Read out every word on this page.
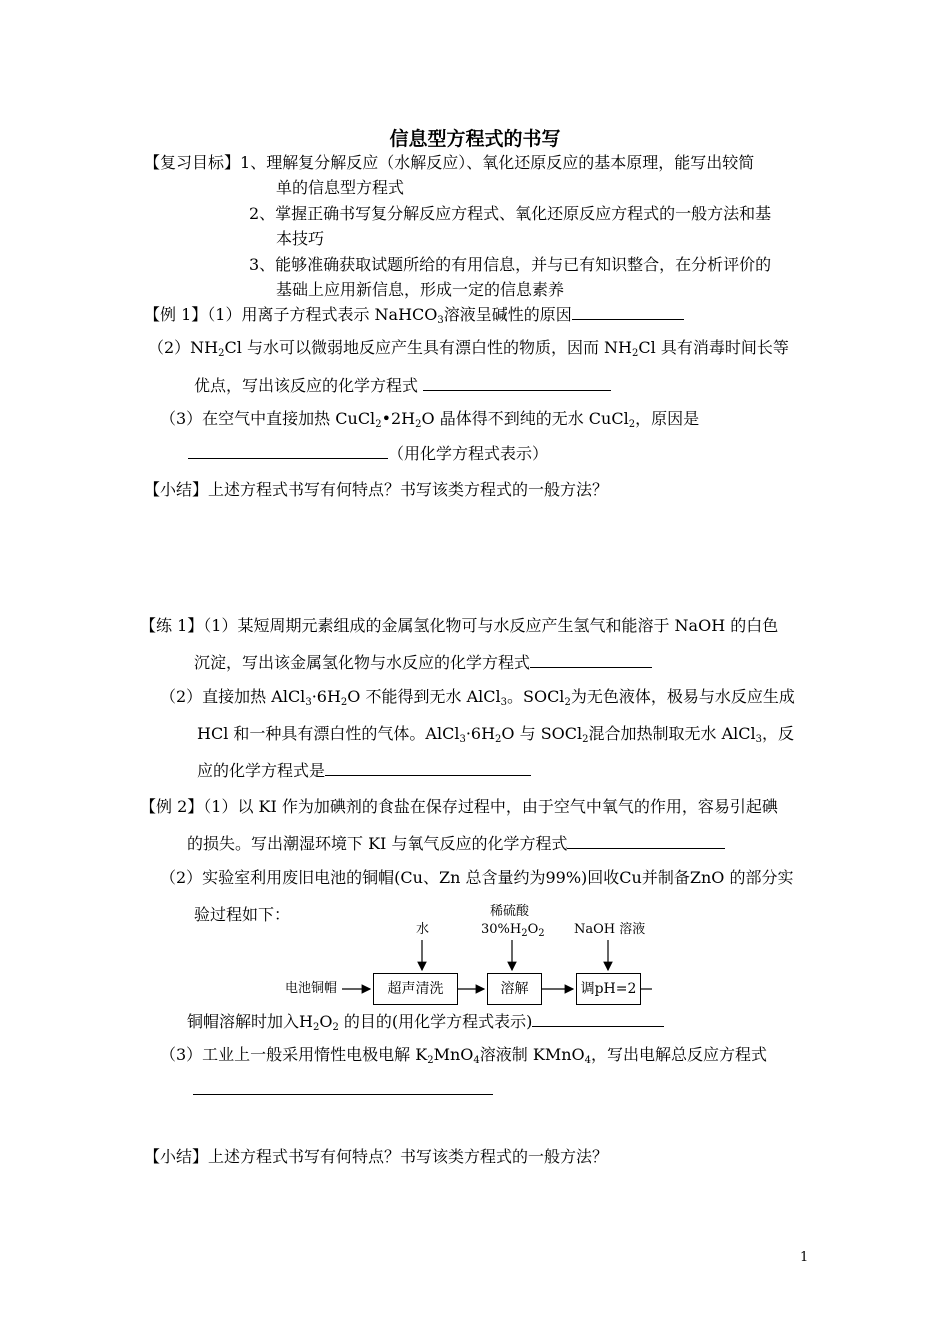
信息型方程式的书写
【复习目标】1、理解复分解反应（水解反应）、氧化还原反应的基本原理，能写出较简
单的信息型方程式
2、掌握正确书写复分解反应方程式、氧化还原反应方程式的一般方法和基
本技巧
3、能够准确获取试题所给的有用信息，并与已有知识整合，在分析评价的
基础上应用新信息，形成一定的信息素养
【例 1】（1）用离子方程式表示 NaHCO$_3$溶液呈碱性的原因
$(2)NH_2Cl$ 与水可以微弱地反应产生具有漂白性的物质，因而 $NH_2Cl$ 具有消毒时间长等
优点，写出该反应的化学方程式
（3）在空气中直接加热 $CuCl_2•2H_2O$ 晶体得不到纯的无水 CuCl$_2$，原因是
（用化学方程式表示）
【小结】上述方程式书写有何特点？书写该类方程式的一般方法？
【练 1】（1）某短周期元素组成的金属氢化物可与水反应产生氢气和能溶于 NaOH 的白色
沉淀，写出该金属氢化物与水反应的化学方程式
（2）直接加热 $AlCl_3\cdot 6H_2O$ 不能得到无水 AlCl$_3$。SOCl$_2$为无色液体，极易与水反应生成
HCl 和一种具有漂白性的气体。$AlCl_3\cdot 6H_2O$ 与 SOCl$_2$混合加热制取无水 AlCl$_3$，反
应的化学方程式是
【例 2】（1）以 KI 作为加碘剂的食盐在保存过程中，由于空气中氧气的作用，容易引起碘
的损失。写出潮湿环境下 KI 与氧气反应的化学方程式
（2）实验室利用废旧电池的铜帽(Cu、Zn 总含量约为99%)回收Cu并制备ZnO 的部分实
验过程如下：
电池铜帽	超声清洗	溶解	调pH=2
水
稀硫酸
$30\%H_2O_2$ NaOH 溶液
铜帽溶解时加入$H_2O_2$ 的目的(用化学方程式表示)
（3）工业上一般采用惰性电极电解 $K_2MnO_4$溶液制 KMnO$_4$，写出电解总反应方程式
【小结】上述方程式书写有何特点？书写该类方程式的一般方法？
1
